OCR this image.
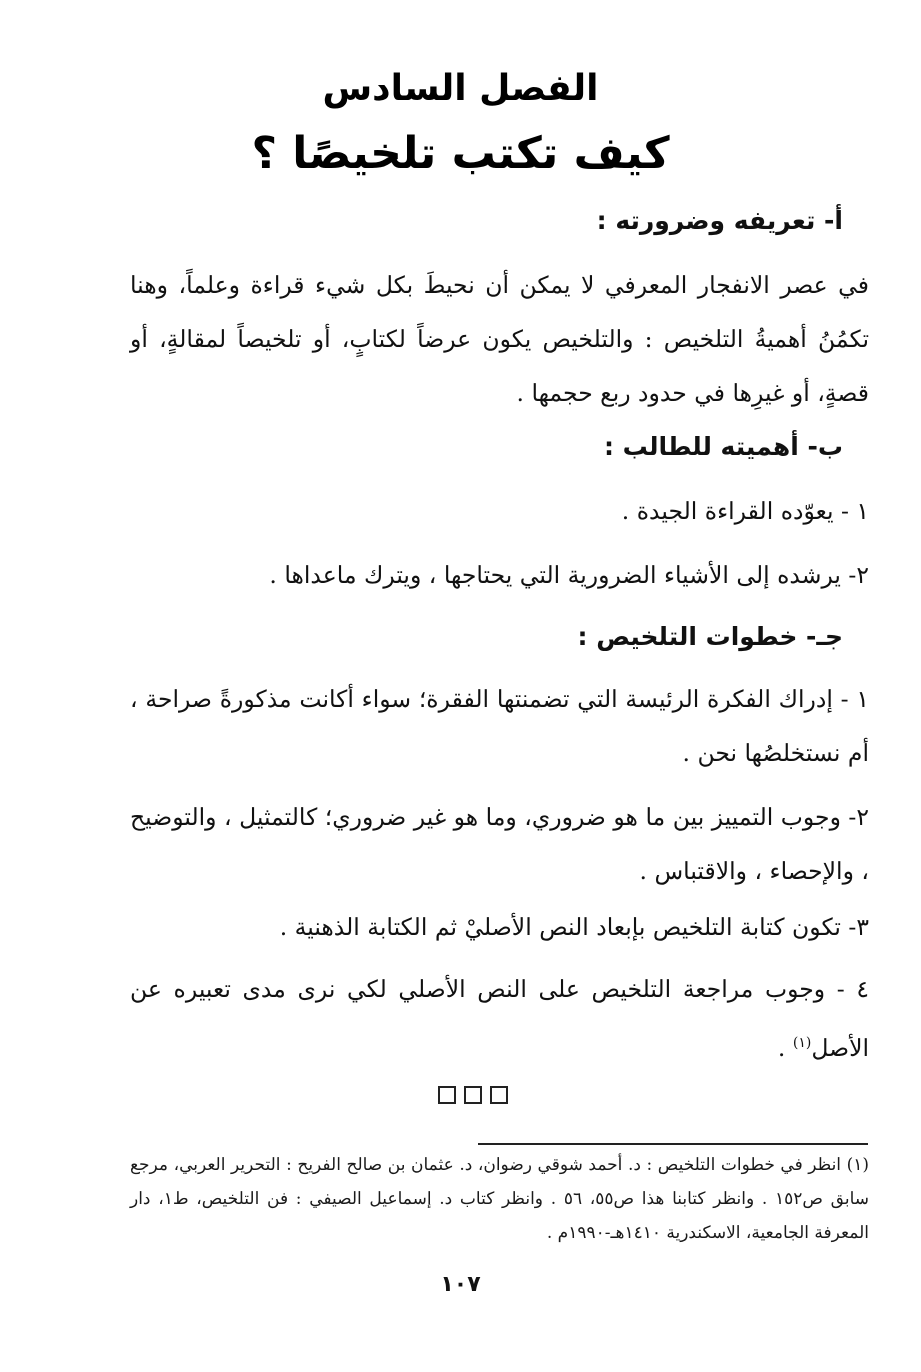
الفصل السادس
كيف تكتب تلخيصًا ؟
أ- تعريفه وضرورته :
في عصر الانفجار المعرفي لا يمكن أن نحيطَ بكل شيء قراءة وعلماً، وهنا تكمُنُ أهميةُ التلخيص : والتلخيص يكون عرضاً لكتابٍ، أو تلخيصاً لمقالةٍ، أو قصةٍ، أو غيرِها في حدود ربع حجمها .
ب- أهميته للطالب :
١ - يعوّده القراءة الجيدة .
٢- يرشده إلى الأشياء الضرورية التي يحتاجها ، ويترك ماعداها .
جـ- خطوات التلخيص :
١ - إدراك الفكرة الرئيسة التي تضمنتها الفقرة؛ سواء أكانت مذكورةً صراحة ، أم نستخلصُها نحن .
٢- وجوب التمييز بين ما هو ضروري، وما هو غير ضروري؛ كالتمثيل ، والتوضيح ، والإحصاء ، والاقتباس .
٣- تكون كتابة التلخيص بإبعاد النص الأصليْ ثم الكتابة الذهنية .
٤ - وجوب مراجعة التلخيص على النص الأصلي لكي نرى مدى تعبيره عن الأصل$^{(١)}$ .
(١) انظر في خطوات التلخيص : د. أحمد شوقي رضوان، د. عثمان بن صالح الفريح : التحرير العربي، مرجع سابق ص١٥٢ . وانظر كتابنا هذا ص٥٥، ٥٦ . وانظر كتاب د. إسماعيل الصيفي : فن التلخيص، ط١، دار المعرفة الجامعية، الاسكندرية ١٤١٠هـ-١٩٩٠م .
١٠٧
